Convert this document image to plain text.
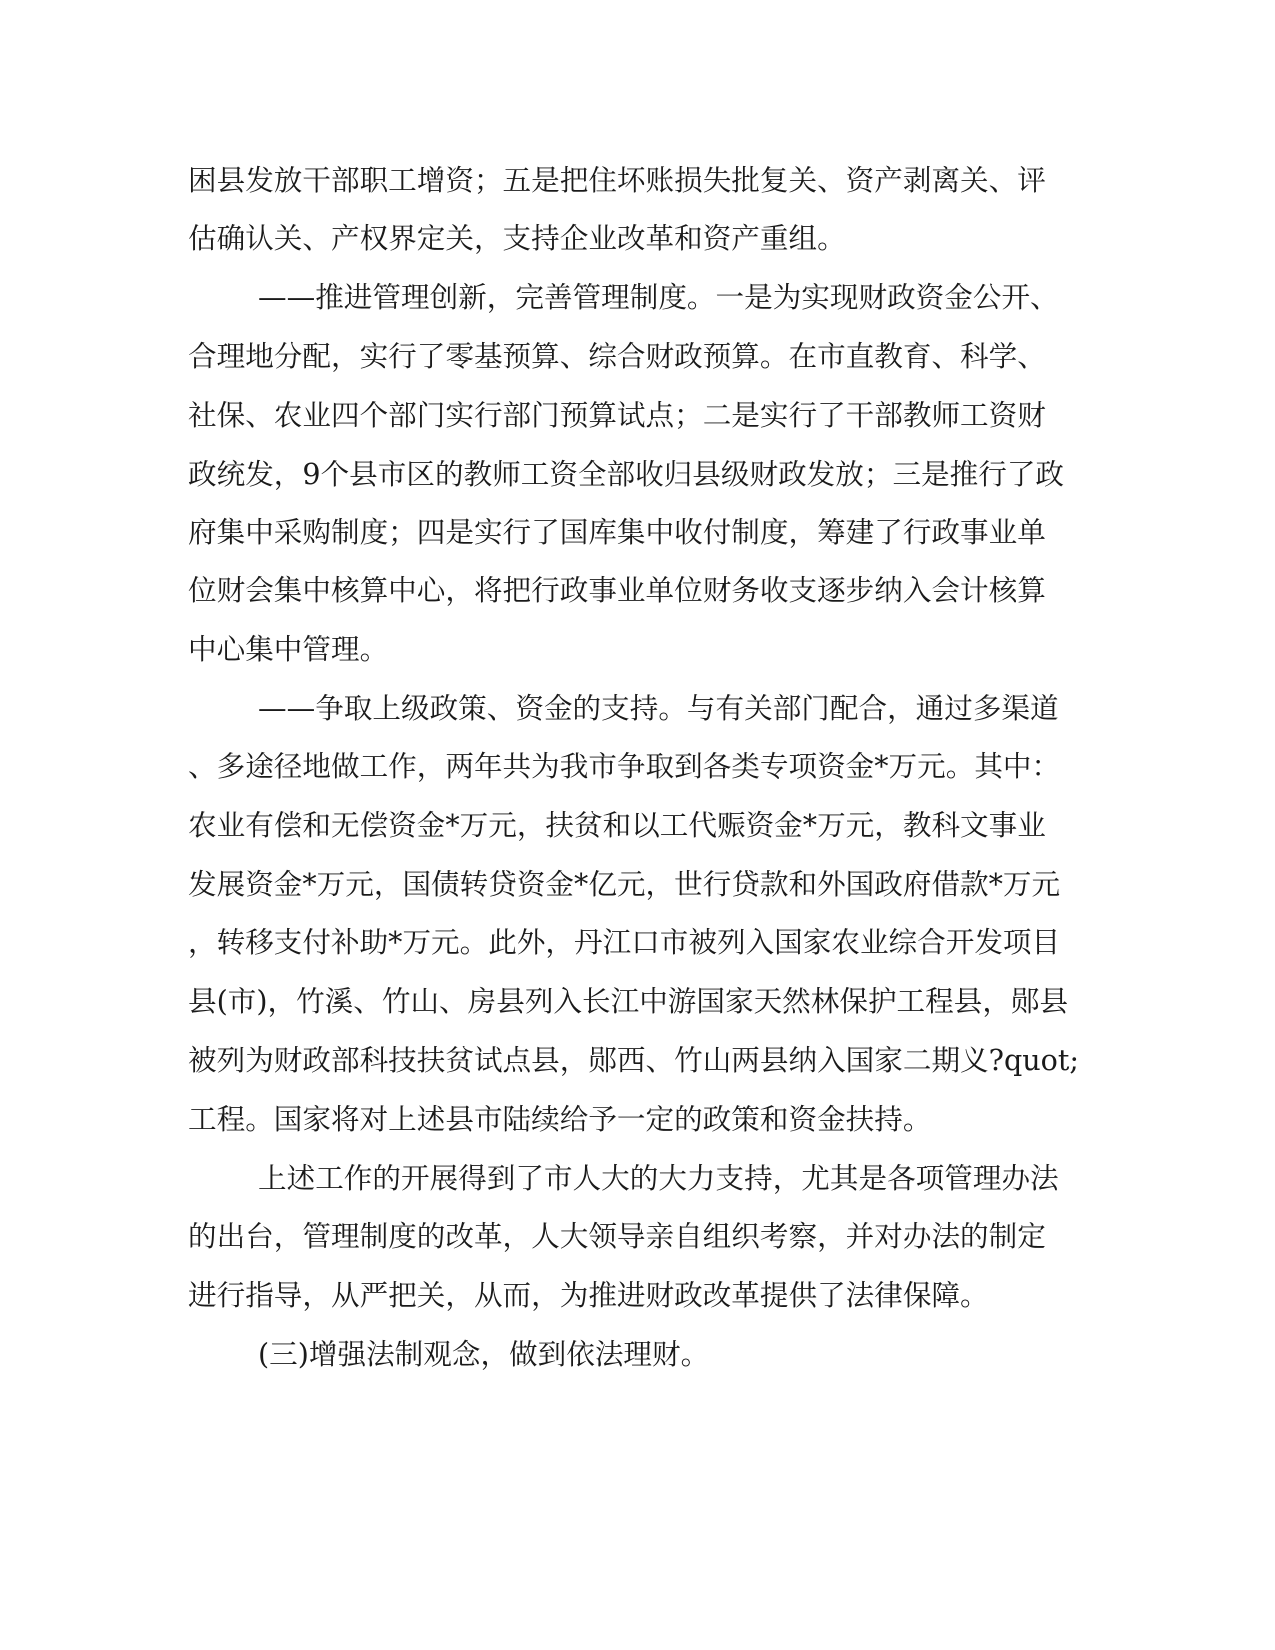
困县发放干部职工增资；五是把住坏账损失批复关、资产剥离关、评
估确认关、产权界定关，支持企业改革和资产重组。
——推进管理创新，完善管理制度。一是为实现财政资金公开、
合理地分配，实行了零基预算、综合财政预算。在市直教育、科学、
社保、农业四个部门实行部门预算试点；二是实行了干部教师工资财
政统发，9个县市区的教师工资全部收归县级财政发放；三是推行了政
府集中采购制度；四是实行了国库集中收付制度，筹建了行政事业单
位财会集中核算中心，将把行政事业单位财务收支逐步纳入会计核算
中心集中管理。
——争取上级政策、资金的支持。与有关部门配合，通过多渠道
、多途径地做工作，两年共为我市争取到各类专项资金*万元。其中：
农业有偿和无偿资金*万元，扶贫和以工代赈资金*万元，教科文事业
发展资金*万元，国债转贷资金*亿元，世行贷款和外国政府借款*万元
，转移支付补助*万元。此外，丹江口市被列入国家农业综合开发项目
县(市)，竹溪、竹山、房县列入长江中游国家天然林保护工程县，郧县
被列为财政部科技扶贫试点县，郧西、竹山两县纳入国家二期义?quot;
工程。国家将对上述县市陆续给予一定的政策和资金扶持。
上述工作的开展得到了市人大的大力支持，尤其是各项管理办法
的出台，管理制度的改革，人大领导亲自组织考察，并对办法的制定
进行指导，从严把关，从而，为推进财政改革提供了法律保障。
(三)增强法制观念，做到依法理财。
